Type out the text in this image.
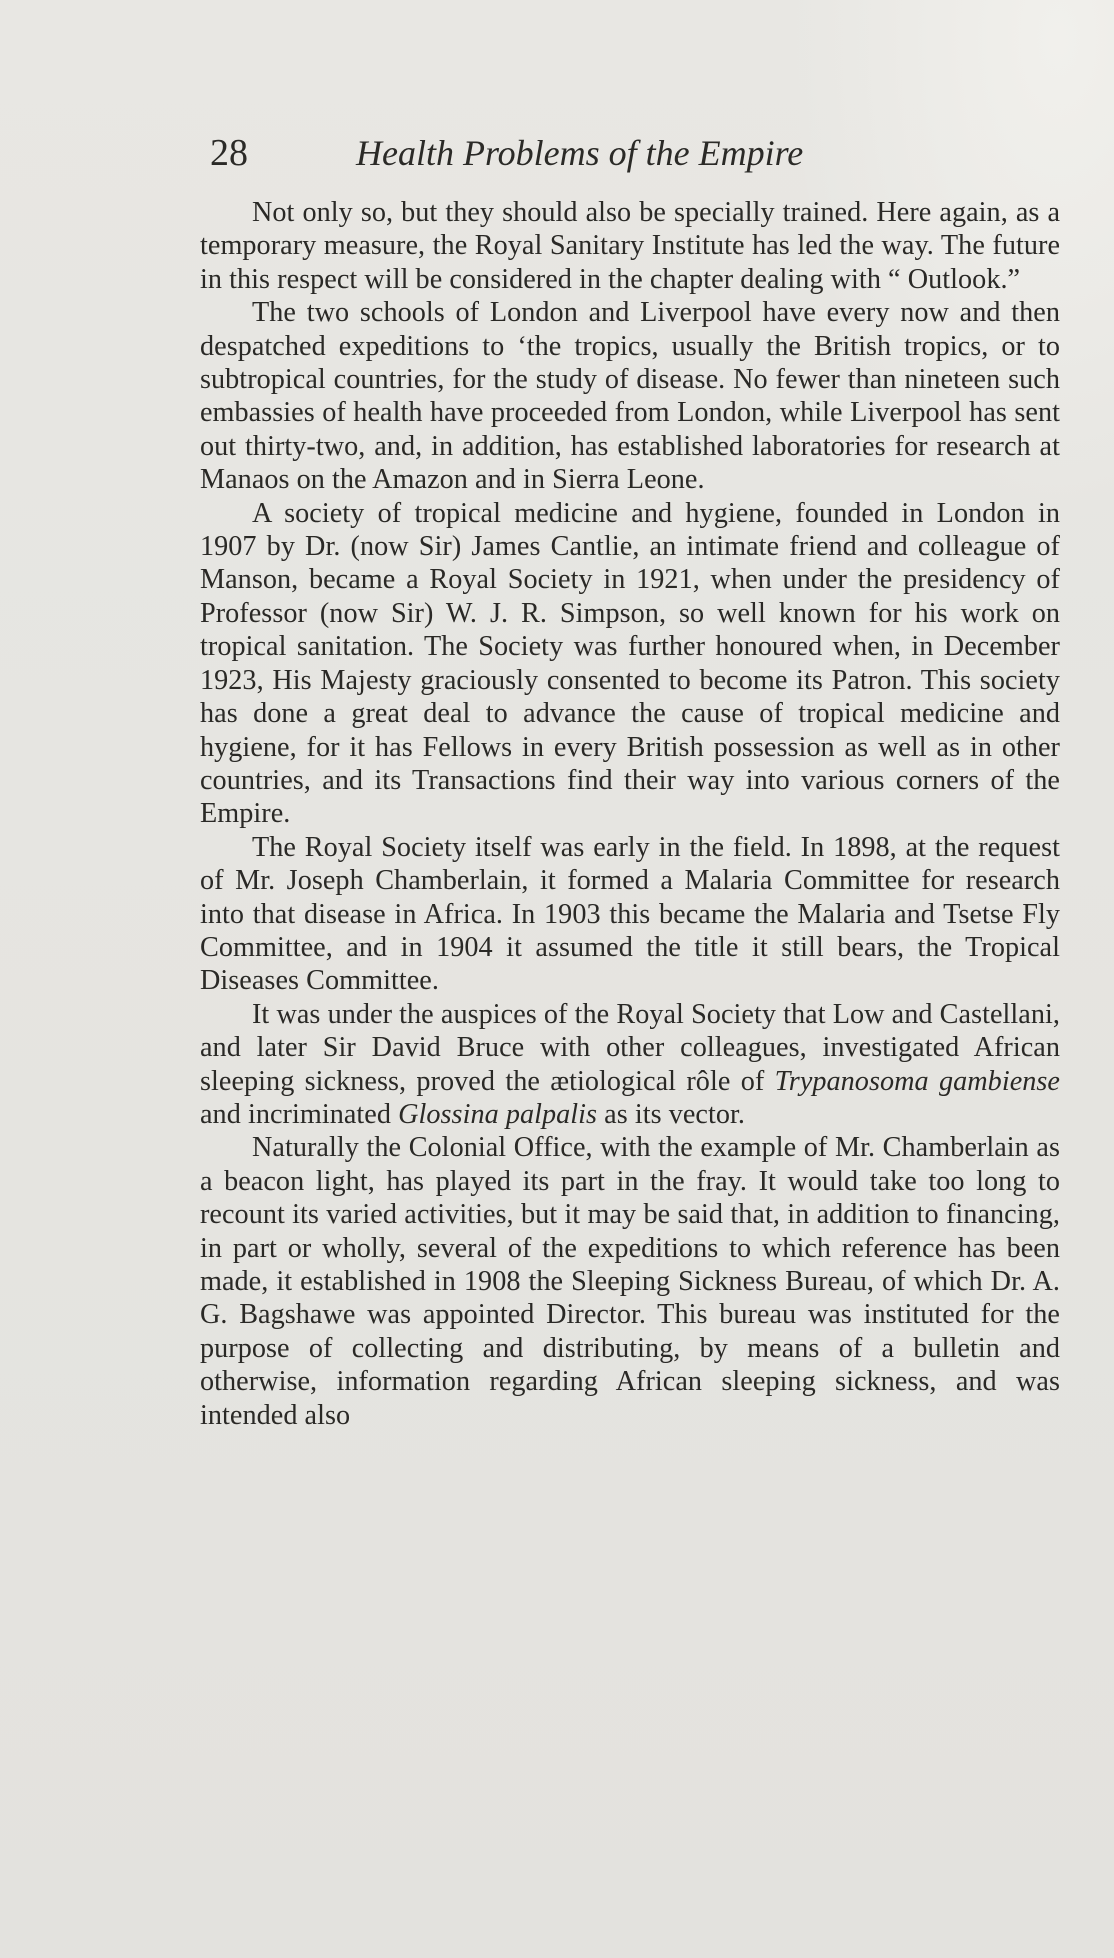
28	Health Problems of the Empire

Not only so, but they should also be specially trained. Here again, as a temporary measure, the Royal Sanitary Institute has led the way. The future in this respect will be considered in the chapter dealing with “ Outlook.”

The two schools of London and Liverpool have every now and then despatched expeditions to ‘the tropics, usually the British tropics, or to subtropical countries, for the study of disease. No fewer than nineteen such embassies of health have proceeded from London, while Liverpool has sent out thirty-two, and, in addition, has established laboratories for research at Manaos on the Amazon and in Sierra Leone.

A society of tropical medicine and hygiene, founded in London in 1907 by Dr. (now Sir) James Cantlie, an intimate friend and colleague of Manson, became a Royal Society in 1921, when under the presidency of Professor (now Sir) W. J. R. Simpson, so well known for his work on tropical sanitation. The Society was further honoured when, in December 1923, His Majesty graciously consented to become its Patron. This society has done a great deal to advance the cause of tropical medicine and hygiene, for it has Fellows in every British possession as well as in other countries, and its Transactions find their way into various corners of the Empire.

The Royal Society itself was early in the field. In 1898, at the request of Mr. Joseph Chamberlain, it formed a Malaria Committee for research into that disease in Africa. In 1903 this became the Malaria and Tsetse Fly Committee, and in 1904 it assumed the title it still bears, the Tropical Diseases Committee.

It was under the auspices of the Royal Society that Low and Castellani, and later Sir David Bruce with other colleagues, investigated African sleeping sickness, proved the ætiological rôle of Trypanosoma gambiense and incriminated Glossina palpalis as its vector.

Naturally the Colonial Office, with the example of Mr. Chamberlain as a beacon light, has played its part in the fray. It would take too long to recount its varied activities, but it may be said that, in addition to financing, in part or wholly, several of the expeditions to which reference has been made, it established in 1908 the Sleeping Sickness Bureau, of which Dr. A. G. Bagshawe was appointed Director. This bureau was instituted for the purpose of collecting and distributing, by means of a bulletin and otherwise, information regarding African sleeping sickness, and was intended also
